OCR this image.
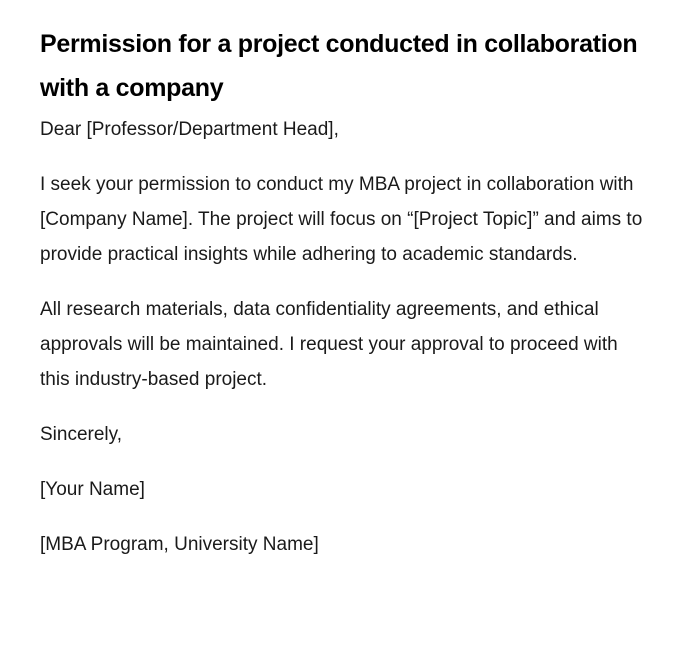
Permission for a project conducted in collaboration with a company

Dear [Professor/Department Head],

I seek your permission to conduct my MBA project in collaboration with [Company Name]. The project will focus on “[Project Topic]” and aims to provide practical insights while adhering to academic standards.

All research materials, data confidentiality agreements, and ethical approvals will be maintained. I request your approval to proceed with this industry-based project.

Sincerely,

[Your Name]

[MBA Program, University Name]
